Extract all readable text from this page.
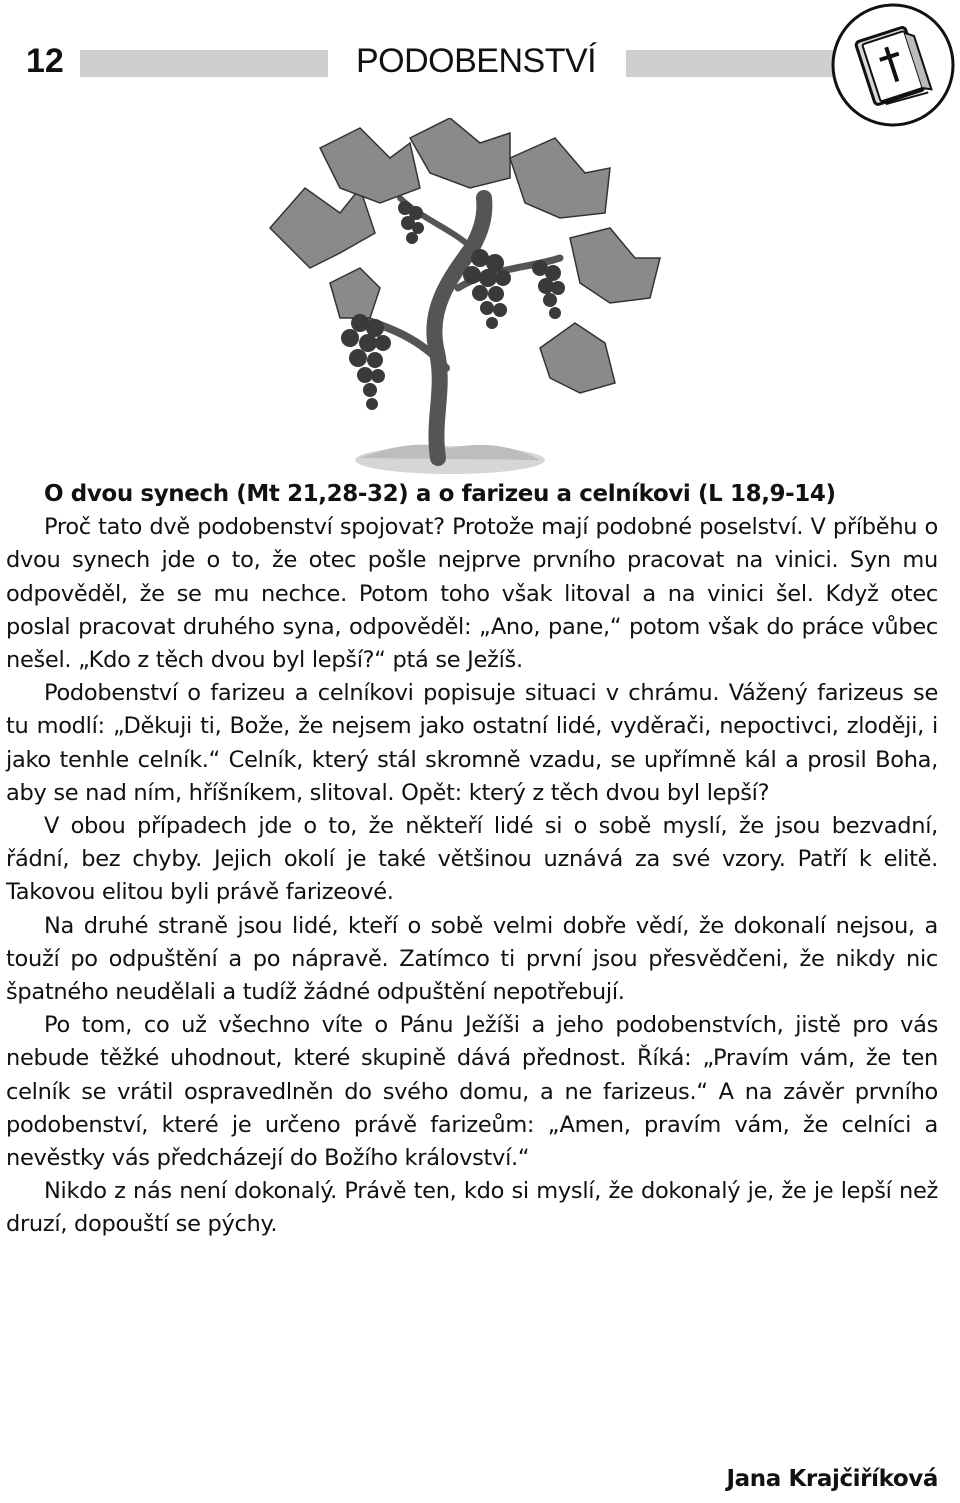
12	PODOBENSTVÍ

O dvou synech (Mt 21,28-32) a o farizeu a celníkovi (L 18,9-14)

Proč tato dvě podobenství spojovat? Protože mají podobné poselství. V příběhu o dvou synech jde o to, že otec pošle nejprve prvního pracovat na vinici. Syn mu odpověděl, že se mu nechce. Potom toho však litoval a na vinici šel. Když otec poslal pracovat druhého syna, odpověděl: „Ano, pane,“ potom však do práce vůbec nešel. „Kdo z těch dvou byl lepší?“ ptá se Ježíš.

Podobenství o farizeu a celníkovi popisuje situaci v chrámu. Vážený farizeus se tu modlí: „Děkuji ti, Bože, že nejsem jako ostatní lidé, vyděrači, nepoctivci, zloději, i jako tenhle celník.“ Celník, který stál skromně vzadu, se upřímně kál a prosil Boha, aby se nad ním, hříšníkem, slitoval. Opět: který z těch dvou byl lepší?

V obou případech jde o to, že někteří lidé si o sobě myslí, že jsou bezvadní, řádní, bez chyby. Jejich okolí je také většinou uznává za své vzory. Patří k elitě. Takovou elitou byli právě farizeové.

Na druhé straně jsou lidé, kteří o sobě velmi dobře vědí, že dokonalí nejsou, a touží po odpuštění a po nápravě. Zatímco ti první jsou přesvědčeni, že nikdy nic špatného neudělali a tudíž žádné odpuštění nepotřebují.

Po tom, co už všechno víte o Pánu Ježíši a jeho podobenstvích, jistě pro vás nebude těžké uhodnout, které skupině dává přednost. Říká: „Pravím vám, že ten celník se vrátil ospravedlněn do svého domu, a ne farizeus.“ A na závěr prvního podobenství, které je určeno právě farizeům: „Amen, pravím vám, že celníci a nevěstky vás předcházejí do Božího království.“

Nikdo z nás není dokonalý. Právě ten, kdo si myslí, že dokonalý je, že je lepší než druzí, dopouští se pýchy.

Jana Krajčiříková
